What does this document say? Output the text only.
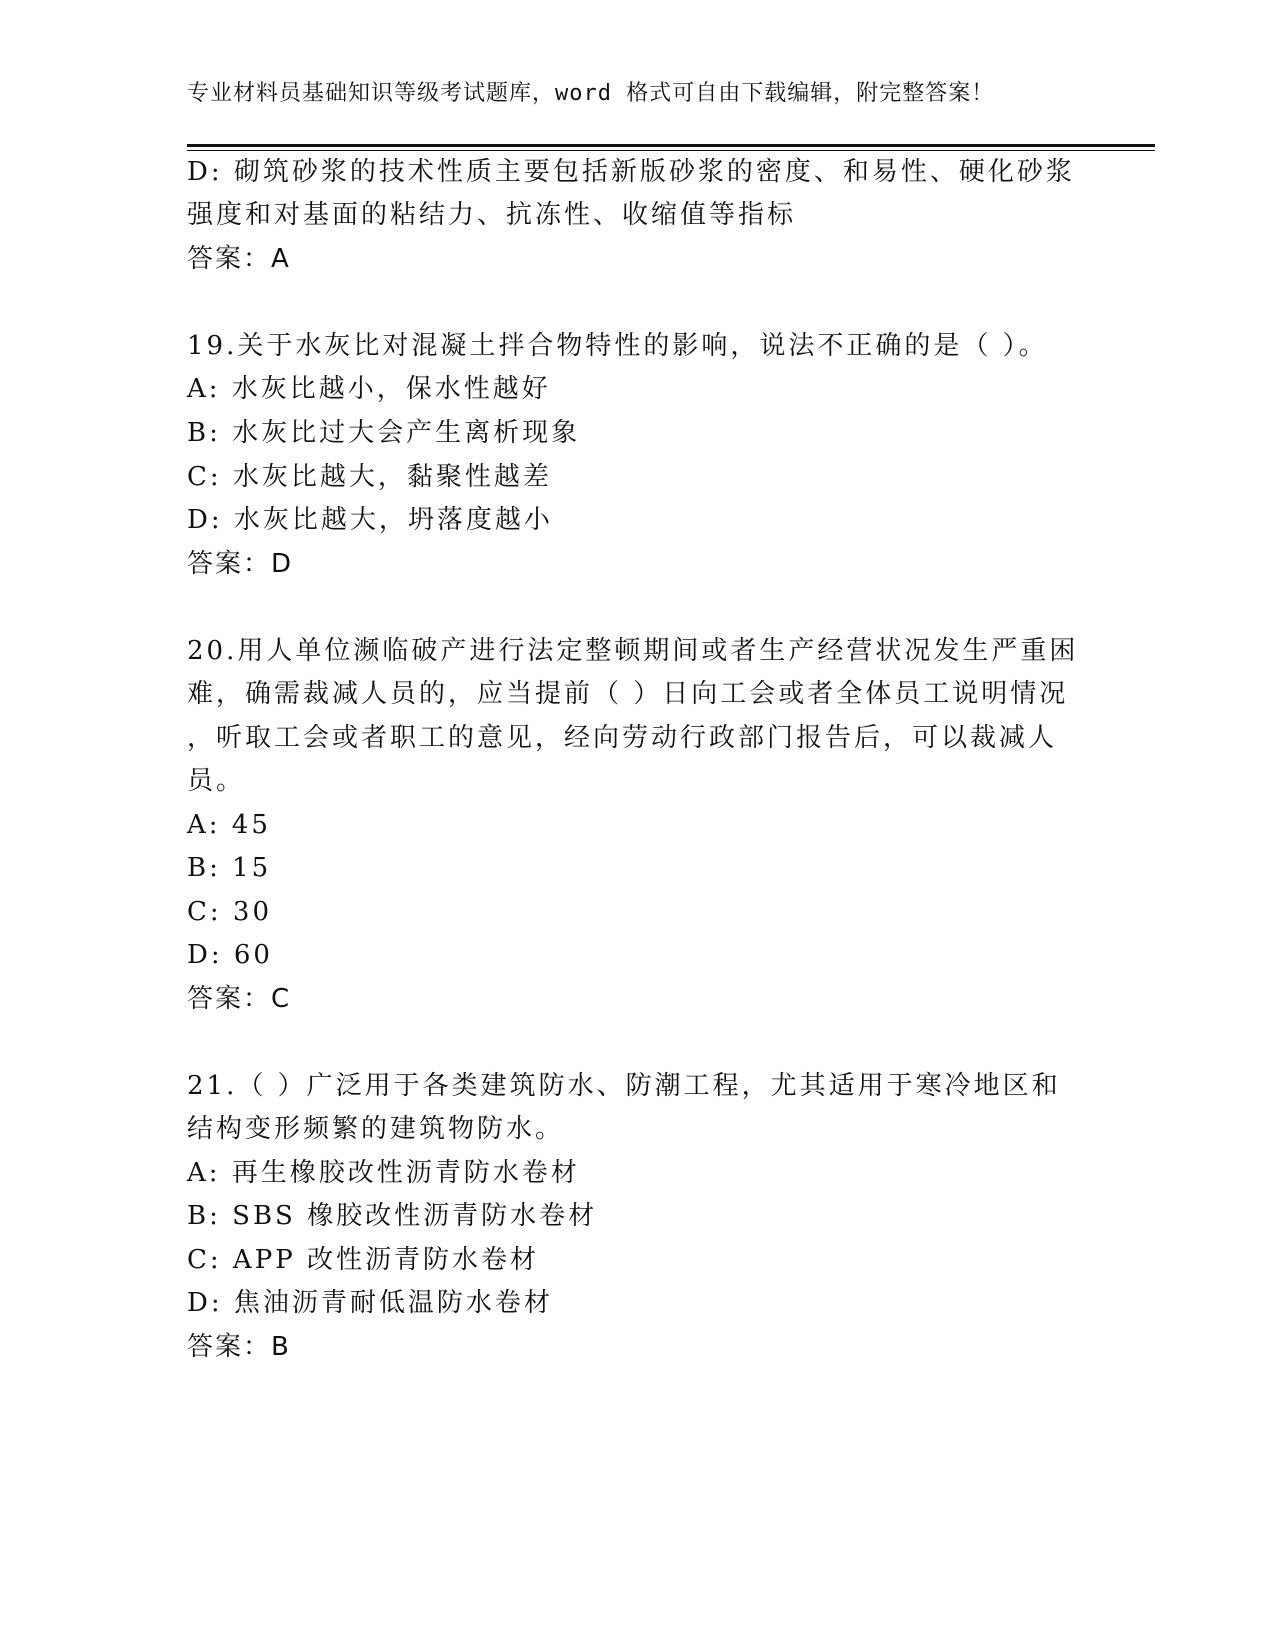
专业材料员基础知识等级考试题库，word 格式可自由下载编辑，附完整答案！
D: 砌筑砂浆的技术性质主要包括新版砂浆的密度、和易性、硬化砂浆
强度和对基面的粘结力、抗冻性、收缩值等指标
答案：A
19.关于水灰比对混凝土拌合物特性的影响，说法不正确的是（ ）。
A: 水灰比越小，保水性越好
B: 水灰比过大会产生离析现象
C: 水灰比越大，黏聚性越差
D: 水灰比越大，坍落度越小
答案：D
20.用人单位濒临破产进行法定整顿期间或者生产经营状况发生严重困
难，确需裁减人员的，应当提前（ ）日向工会或者全体员工说明情况
，听取工会或者职工的意见，经向劳动行政部门报告后，可以裁减人
员。
A: 45
B: 15
C: 30
D: 60
答案：C
21.（ ）广泛用于各类建筑防水、防潮工程，尤其适用于寒冷地区和
结构变形频繁的建筑物防水。
A: 再生橡胶改性沥青防水卷材
B: SBS 橡胶改性沥青防水卷材
C: APP 改性沥青防水卷材
D: 焦油沥青耐低温防水卷材
答案：B
